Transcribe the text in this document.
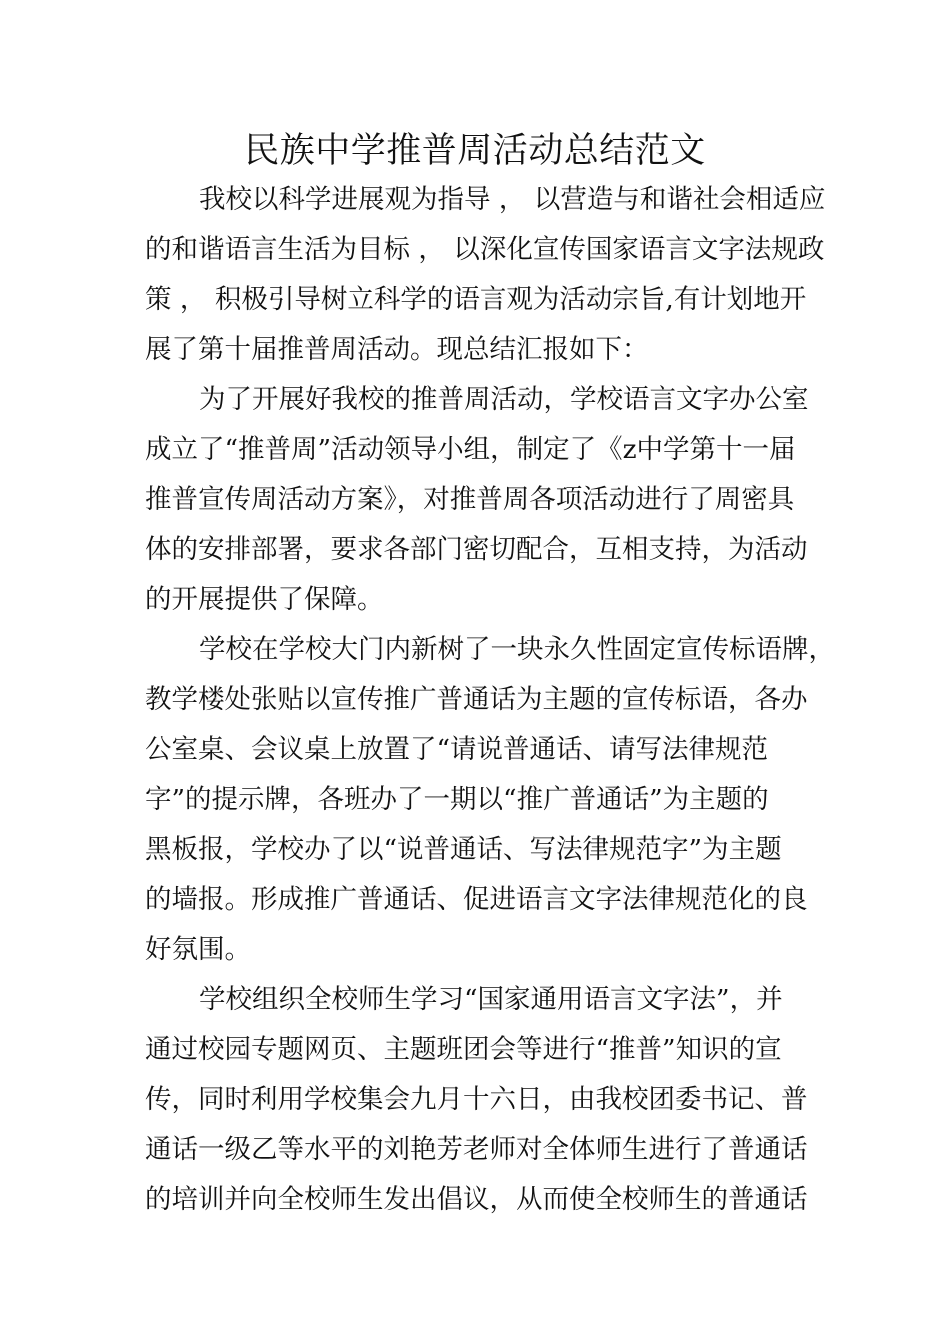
民族中学推普周活动总结范文

我校以科学进展观为指导 ， 以营造与和谐社会相适应

的和谐语言生活为目标 ， 以深化宣传国家语言文字法规政

策 ， 积极引导树立科学的语言观为活动宗旨,有计划地开

展了第十届推普周活动。现总结汇报如下：

为了开展好我校的推普周活动，学校语言文字办公室

成立了“推普周”活动领导小组，制定了《z中学第十一届

推普宣传周活动方案》，对推普周各项活动进行了周密具

体的安排部署，要求各部门密切配合，互相支持，为活动

的开展提供了保障。

学校在学校大门内新树了一块永久性固定宣传标语牌，

教学楼处张贴以宣传推广普通话为主题的宣传标语，各办

公室桌、会议桌上放置了“请说普通话、请写法律规范

字”的提示牌，各班办了一期以“推广普通话”为主题的

黑板报，学校办了以“说普通话、写法律规范字”为主题

的墙报。形成推广普通话、促进语言文字法律规范化的良

好氛围。

学校组织全校师生学习“国家通用语言文字法”，并

通过校园专题网页、主题班团会等进行“推普”知识的宣

传，同时利用学校集会九月十六日，由我校团委书记、普

通话一级乙等水平的刘艳芳老师对全体师生进行了普通话

的培训并向全校师生发出倡议，从而使全校师生的普通话
